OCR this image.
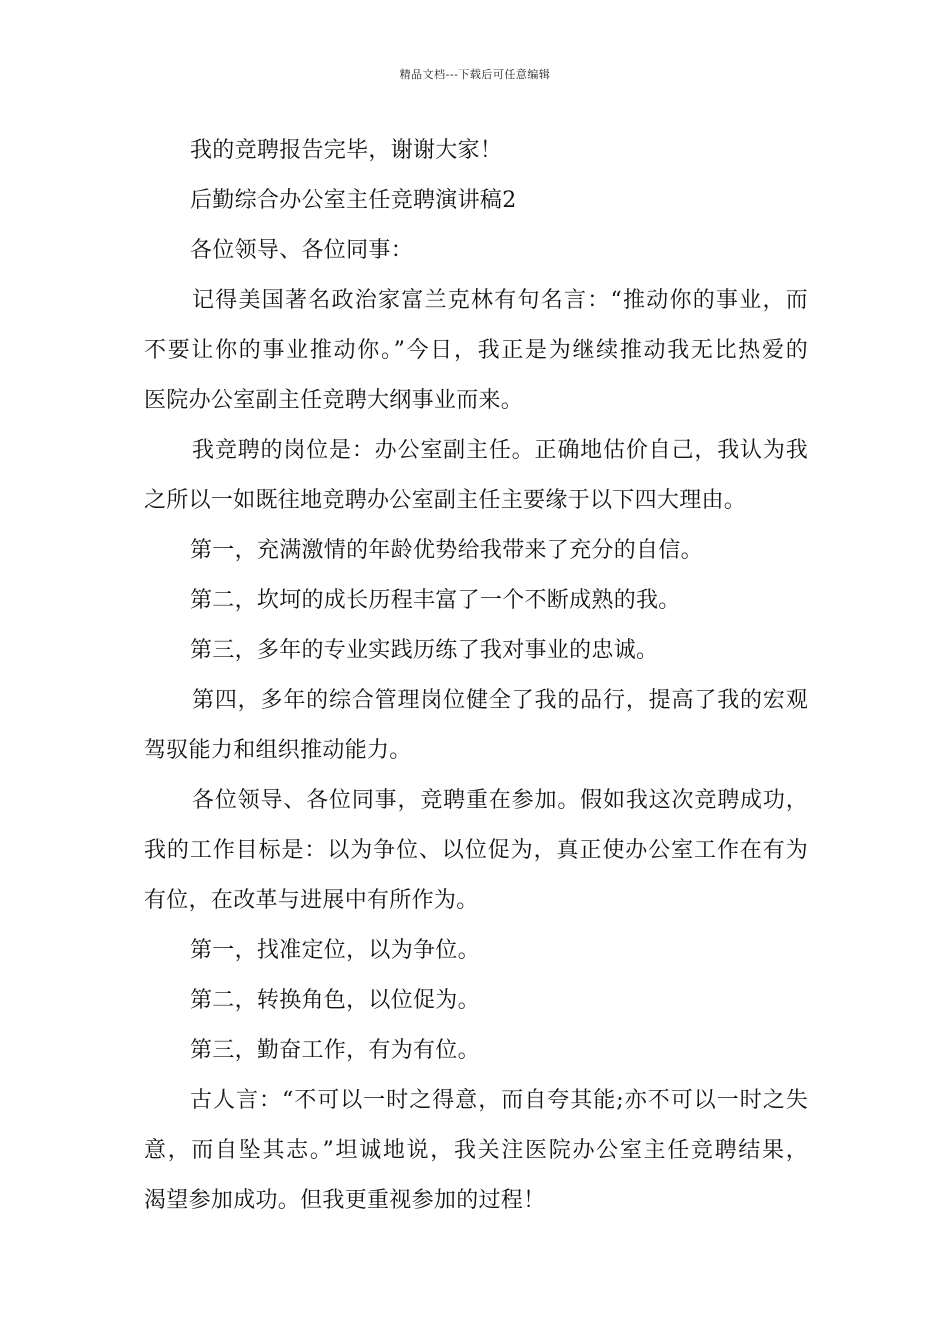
精品文档---下载后可任意编辑
我的竞聘报告完毕，谢谢大家！
后勤综合办公室主任竞聘演讲稿2
各位领导、各位同事：
记得美国著名政治家富兰克林有句名言：“推动你的事业，而
不要让你的事业推动你。”今日，我正是为继续推动我无比热爱的
医院办公室副主任竞聘大纲事业而来。
我竞聘的岗位是：办公室副主任。正确地估价自己，我认为我
之所以一如既往地竞聘办公室副主任主要缘于以下四大理由。
第一，充满激情的年龄优势给我带来了充分的自信。
第二，坎坷的成长历程丰富了一个不断成熟的我。
第三，多年的专业实践历练了我对事业的忠诚。
第四，多年的综合管理岗位健全了我的品行，提高了我的宏观
驾驭能力和组织推动能力。
各位领导、各位同事，竞聘重在参加。假如我这次竞聘成功，
我的工作目标是：以为争位、以位促为，真正使办公室工作在有为
有位，在改革与进展中有所作为。
第一，找准定位，以为争位。
第二，转换角色，以位促为。
第三，勤奋工作，有为有位。
古人言：“不可以一时之得意，而自夸其能;亦不可以一时之失
意，而自坠其志。”坦诚地说，我关注医院办公室主任竞聘结果，
渴望参加成功。但我更重视参加的过程！
